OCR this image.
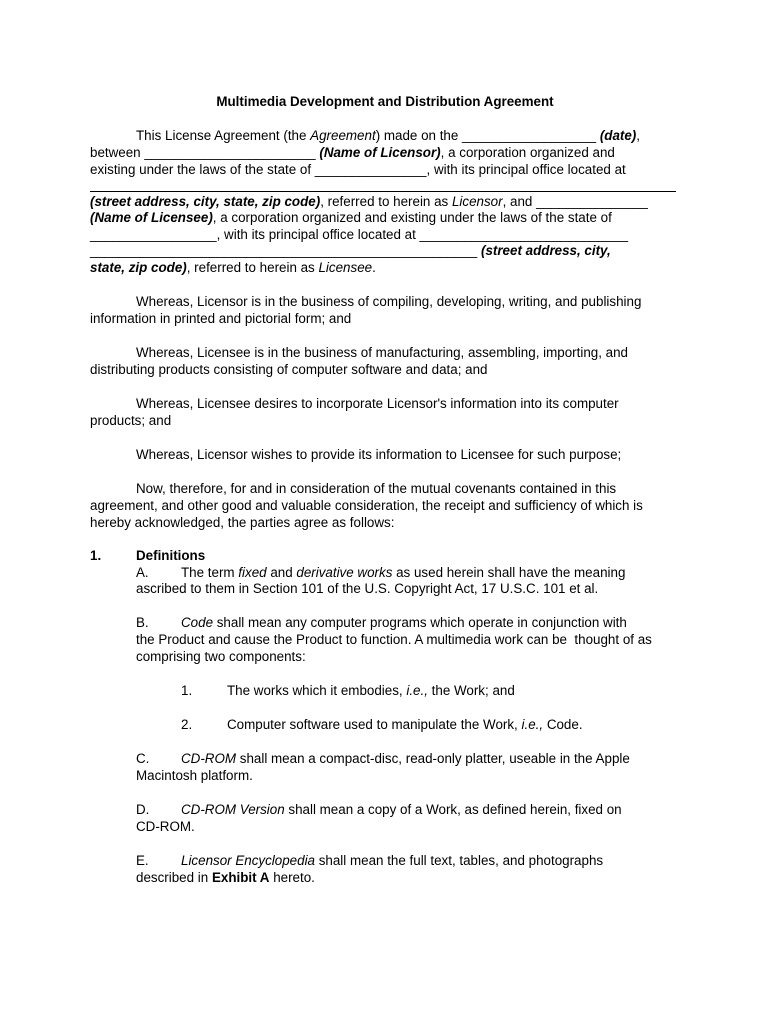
Multimedia Development and Distribution Agreement
This License Agreement (the Agreement) made on the __________________ (date),
between _______________________ (Name of Licensor), a corporation organized and
existing under the laws of the state of _______________, with its principal office located at
(street address, city, state, zip code), referred to herein as Licensor, and _______________
(Name of Licensee), a corporation organized and existing under the laws of the state of
_________________, with its principal office located at ____________________________
____________________________________________________ (street address, city,
state, zip code), referred to herein as Licensee.
Whereas, Licensor is in the business of compiling, developing, writing, and publishing
information in printed and pictorial form; and
Whereas, Licensee is in the business of manufacturing, assembling, importing, and
distributing products consisting of computer software and data; and
Whereas, Licensee desires to incorporate Licensor's information into its computer
products; and
Whereas, Licensor wishes to provide its information to Licensee for such purpose;
Now, therefore, for and in consideration of the mutual covenants contained in this
agreement, and other good and valuable consideration, the receipt and sufficiency of which is
hereby acknowledged, the parties agree as follows:
1.	Definitions
A. The term fixed and derivative works as used herein shall have the meaning
ascribed to them in Section 101 of the U.S. Copyright Act, 17 U.S.C. 101 et al.
B. Code shall mean any computer programs which operate in conjunction with
the Product and cause the Product to function. A multimedia work can be  thought of as
comprising two components:
1.	The works which it embodies, i.e., the Work; and
2.	Computer software used to manipulate the Work, i.e., Code.
C. CD-ROM shall mean a compact-disc, read-only platter, useable in the Apple
Macintosh platform.
D. CD-ROM Version shall mean a copy of a Work, as defined herein, fixed on
CD-ROM.
E. Licensor Encyclopedia shall mean the full text, tables, and photographs
described in Exhibit A hereto.
